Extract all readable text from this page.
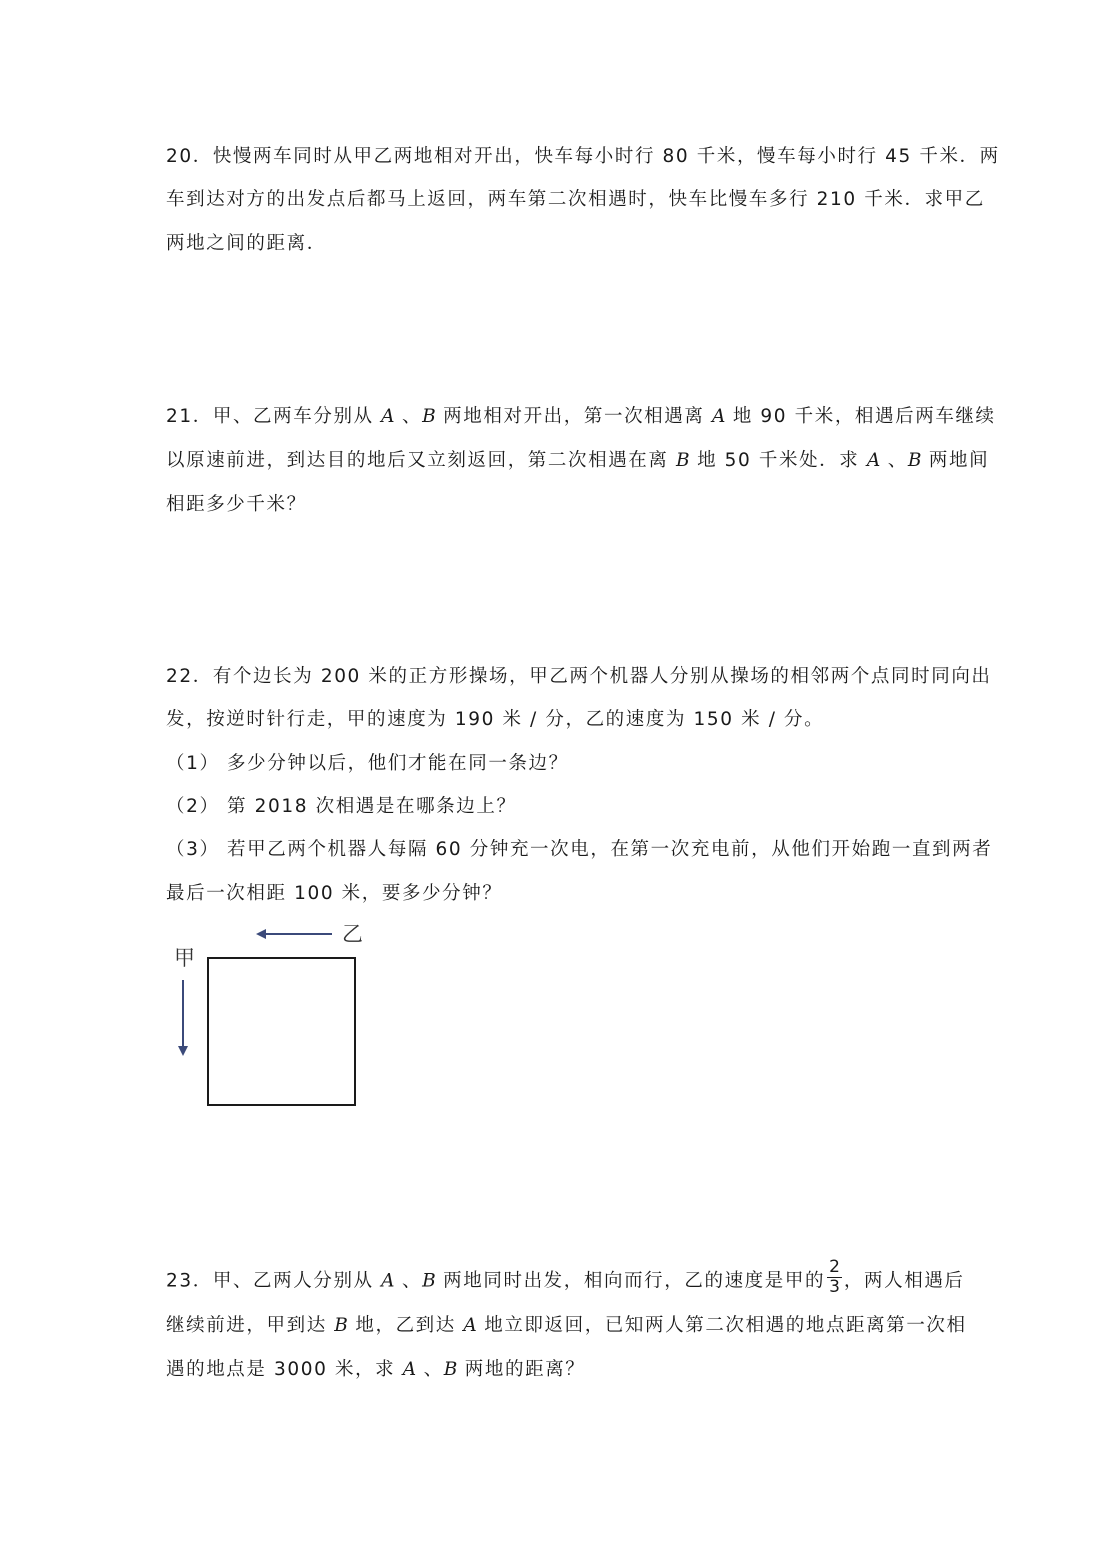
20．快慢两车同时从甲乙两地相对开出，快车每小时行 80 千米，慢车每小时行 45 千米．两
车到达对方的出发点后都马上返回，两车第二次相遇时，快车比慢车多行 210 千米．求甲乙
两地之间的距离．
21．甲、乙两车分别从 A 、B 两地相对开出，第一次相遇离 A 地 90 千米，相遇后两车继续
以原速前进，到达目的地后又立刻返回，第二次相遇在离 B 地 50 千米处．求 A 、B 两地间
相距多少千米？
22．有个边长为 200 米的正方形操场，甲乙两个机器人分别从操场的相邻两个点同时同向出
发，按逆时针行走，甲的速度为 190 米 / 分，乙的速度为 150 米 / 分。
（1） 多少分钟以后，他们才能在同一条边？
（2） 第 2018 次相遇是在哪条边上？
（3） 若甲乙两个机器人每隔 60 分钟充一次电，在第一次充电前，从他们开始跑一直到两者
最后一次相距 100 米，要多少分钟？
甲
乙
23．甲、乙两人分别从 A 、B 两地同时出发，相向而行，乙的速度是甲的 $\frac{2}{3}$ ，两人相遇后
继续前进，甲到达 B 地，乙到达 A 地立即返回，已知两人第二次相遇的地点距离第一次相
遇的地点是 3000 米，求 A 、B 两地的距离？
